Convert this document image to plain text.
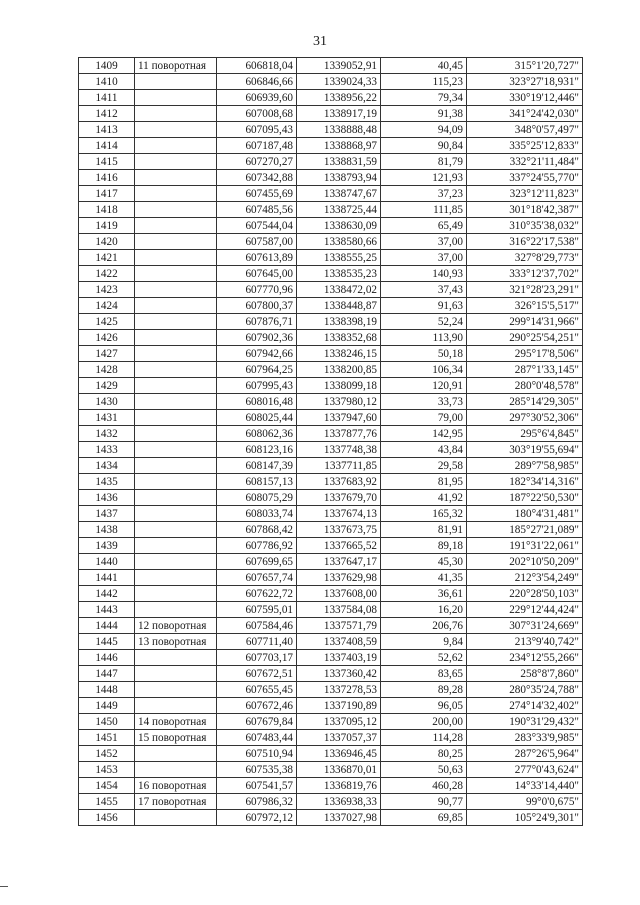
31
1409	11 поворотная	606818,04	1339052,91	40,45	315°1'20,727"
1410		606846,66	1339024,33	115,23	323°27'18,931"
1411		606939,60	1338956,22	79,34	330°19'12,446"
1412		607008,68	1338917,19	91,38	341°24'42,030"
1413		607095,43	1338888,48	94,09	348°0'57,497"
1414		607187,48	1338868,97	90,84	335°25'12,833"
1415		607270,27	1338831,59	81,79	332°21'11,484"
1416		607342,88	1338793,94	121,93	337°24'55,770"
1417		607455,69	1338747,67	37,23	323°12'11,823"
1418		607485,56	1338725,44	111,85	301°18'42,387"
1419		607544,04	1338630,09	65,49	310°35'38,032"
1420		607587,00	1338580,66	37,00	316°22'17,538"
1421		607613,89	1338555,25	37,00	327°8'29,773"
1422		607645,00	1338535,23	140,93	333°12'37,702"
1423		607770,96	1338472,02	37,43	321°28'23,291"
1424		607800,37	1338448,87	91,63	326°15'5,517"
1425		607876,71	1338398,19	52,24	299°14'31,966"
1426		607902,36	1338352,68	113,90	290°25'54,251"
1427		607942,66	1338246,15	50,18	295°17'8,506"
1428		607964,25	1338200,85	106,34	287°1'33,145"
1429		607995,43	1338099,18	120,91	280°0'48,578"
1430		608016,48	1337980,12	33,73	285°14'29,305"
1431		608025,44	1337947,60	79,00	297°30'52,306"
1432		608062,36	1337877,76	142,95	295°6'4,845"
1433		608123,16	1337748,38	43,84	303°19'55,694"
1434		608147,39	1337711,85	29,58	289°7'58,985"
1435		608157,13	1337683,92	81,95	182°34'14,316"
1436		608075,29	1337679,70	41,92	187°22'50,530"
1437		608033,74	1337674,13	165,32	180°4'31,481"
1438		607868,42	1337673,75	81,91	185°27'21,089"
1439		607786,92	1337665,52	89,18	191°31'22,061"
1440		607699,65	1337647,17	45,30	202°10'50,209"
1441		607657,74	1337629,98	41,35	212°3'54,249"
1442		607622,72	1337608,00	36,61	220°28'50,103"
1443		607595,01	1337584,08	16,20	229°12'44,424"
1444	12 поворотная	607584,46	1337571,79	206,76	307°31'24,669"
1445	13 поворотная	607711,40	1337408,59	9,84	213°9'40,742"
1446		607703,17	1337403,19	52,62	234°12'55,266"
1447		607672,51	1337360,42	83,65	258°8'7,860"
1448		607655,45	1337278,53	89,28	280°35'24,788"
1449		607672,46	1337190,89	96,05	274°14'32,402"
1450	14 поворотная	607679,84	1337095,12	200,00	190°31'29,432"
1451	15 поворотная	607483,44	1337057,37	114,28	283°33'9,985"
1452		607510,94	1336946,45	80,25	287°26'5,964"
1453		607535,38	1336870,01	50,63	277°0'43,624"
1454	16 поворотная	607541,57	1336819,76	460,28	14°33'14,440"
1455	17 поворотная	607986,32	1336938,33	90,77	99°0'0,675"
1456		607972,12	1337027,98	69,85	105°24'9,301"
